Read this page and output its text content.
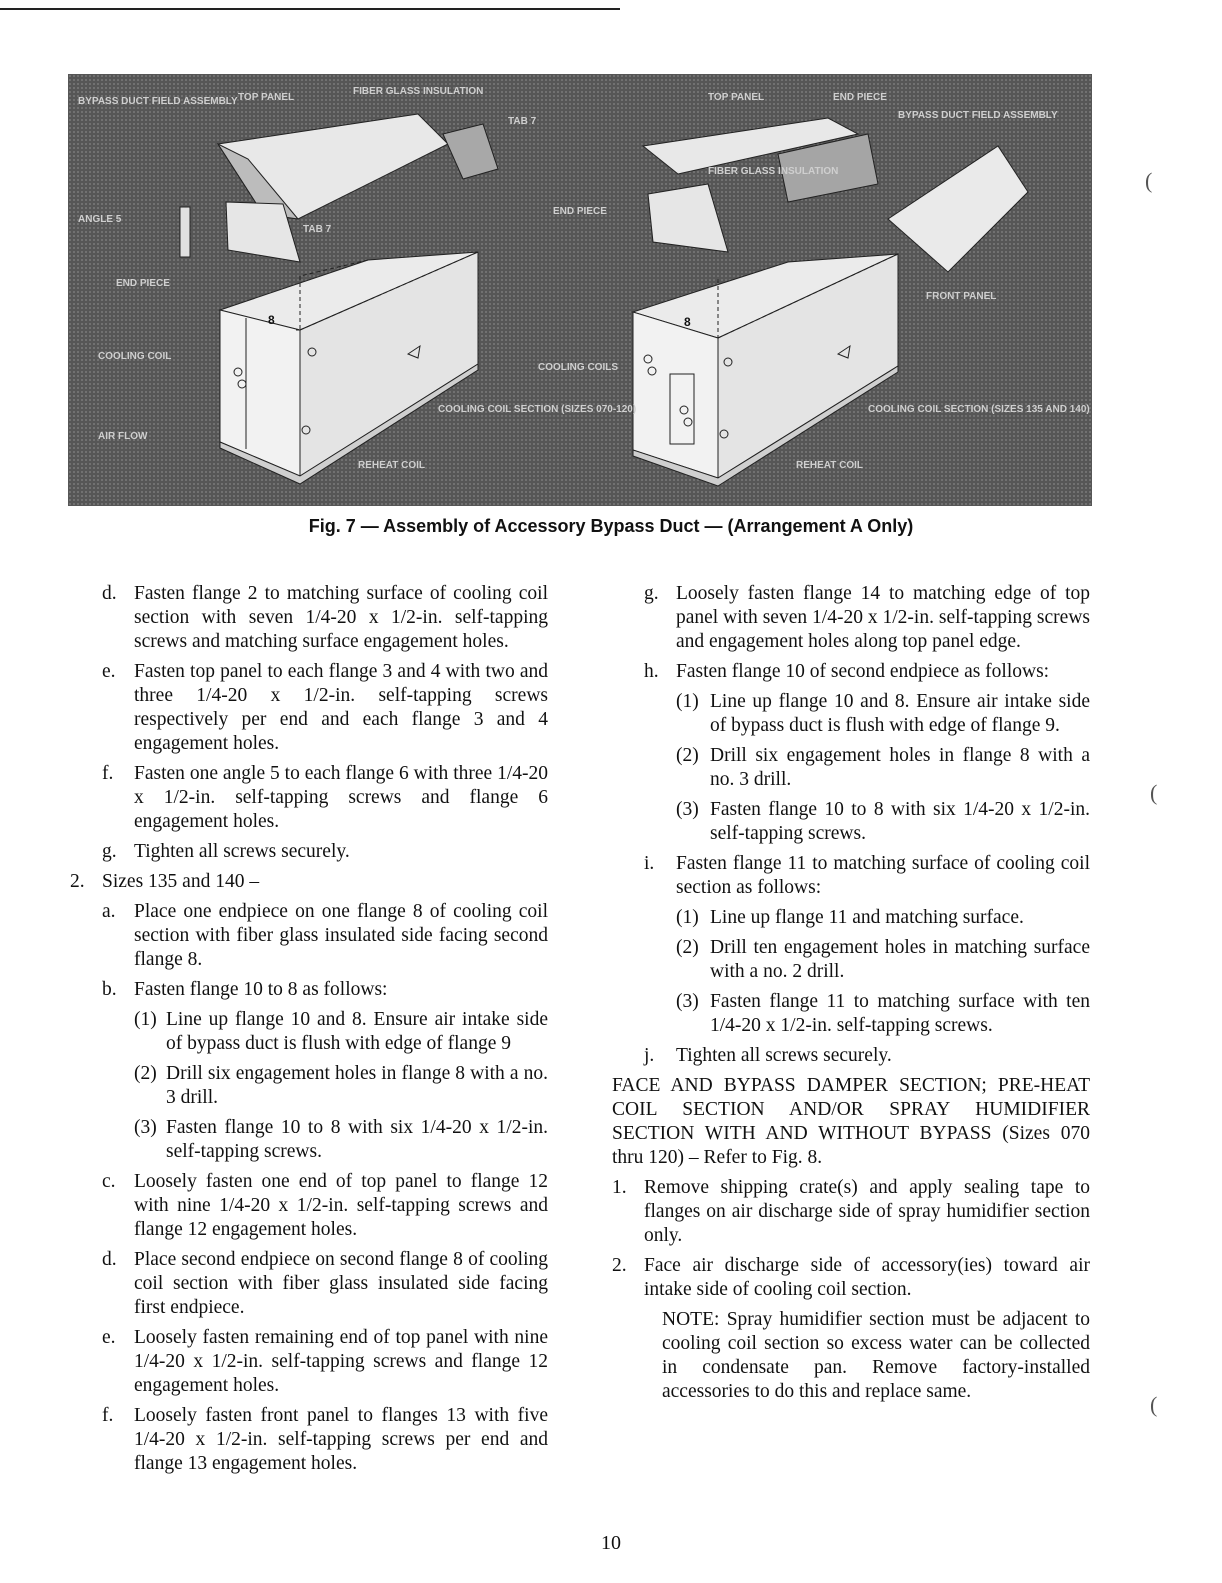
8	8
BYPASS DUCT FIELD ASSEMBLY TOP PANEL
FIBER GLASS INSULATION
TAB 7
ANGLE 5
TAB 7
END PIECE
COOLING COIL
AIR FLOW
COOLING COIL SECTION (SIZES 070-120)
REHEAT COIL
TOP PANEL	END PIECE
BYPASS DUCT FIELD ASSEMBLY
FIBER GLASS INSULATION
END PIECE
FRONT PANEL
COOLING COILS
COOLING COIL SECTION (SIZES 135 AND 140)
REHEAT COIL
Fig. 7 — Assembly of Accessory Bypass Duct — (Arrangement A Only)
d. Fasten flange 2 to matching surface of cooling coil section with seven 1/4-20 x 1/2-in. self-tapping screws and matching surface engagement holes.
e. Fasten top panel to each flange 3 and 4 with two and three 1/4-20 x 1/2-in. self-tapping screws respectively per end and each flange 3 and 4 engagement holes.
f. Fasten one angle 5 to each flange 6 with three 1/4-20 x 1/2-in. self-tapping screws and flange 6 engagement holes.
g. Tighten all screws securely.
2. Sizes 135 and 140 –
a. Place one endpiece on one flange 8 of cooling coil section with fiber glass insulated side facing second flange 8.
b. Fasten flange 10 to 8 as follows:
(1) Line up flange 10 and 8. Ensure air intake side of bypass duct is flush with edge of flange 9
(2) Drill six engagement holes in flange 8 with a no. 3 drill.
(3) Fasten flange 10 to 8 with six 1/4-20 x 1/2-in. self-tapping screws.
c. Loosely fasten one end of top panel to flange 12 with nine 1/4-20 x 1/2-in. self-tapping screws and flange 12 engagement holes.
d. Place second endpiece on second flange 8 of cooling coil section with fiber glass insulated side facing first endpiece.
e. Loosely fasten remaining end of top panel with nine 1/4-20 x 1/2-in. self-tapping screws and flange 12 engagement holes.
f. Loosely fasten front panel to flanges 13 with five 1/4-20 x 1/2-in. self-tapping screws per end and flange 13 engagement holes.
g. Loosely fasten flange 14 to matching edge of top panel with seven 1/4-20 x 1/2-in. self-tapping screws and engagement holes along top panel edge.
h. Fasten flange 10 of second endpiece as follows:
(1) Line up flange 10 and 8. Ensure air intake side of bypass duct is flush with edge of flange 9.
(2) Drill six engagement holes in flange 8 with a no. 3 drill.
(3) Fasten flange 10 to 8 with six 1/4-20 x 1/2-in. self-tapping screws.
i. Fasten flange 11 to matching surface of cooling coil section as follows:
(1) Line up flange 11 and matching surface.
(2) Drill ten engagement holes in matching surface with a no. 2 drill.
(3) Fasten flange 11 to matching surface with ten 1/4-20 x 1/2-in. self-tapping screws.
j. Tighten all screws securely.
FACE AND BYPASS DAMPER SECTION; PRE-HEAT COIL SECTION AND/OR SPRAY HUMIDIFIER SECTION WITH AND WITHOUT BYPASS (Sizes 070 thru 120) – Refer to Fig. 8.
1. Remove shipping crate(s) and apply sealing tape to flanges on air discharge side of spray humidifier section only.
2. Face air discharge side of accessory(ies) toward air intake side of cooling coil section.
NOTE: Spray humidifier section must be adjacent to cooling coil section so excess water can be collected in condensate pan. Remove factory-installed accessories to do this and replace same.
(
(
(
10
